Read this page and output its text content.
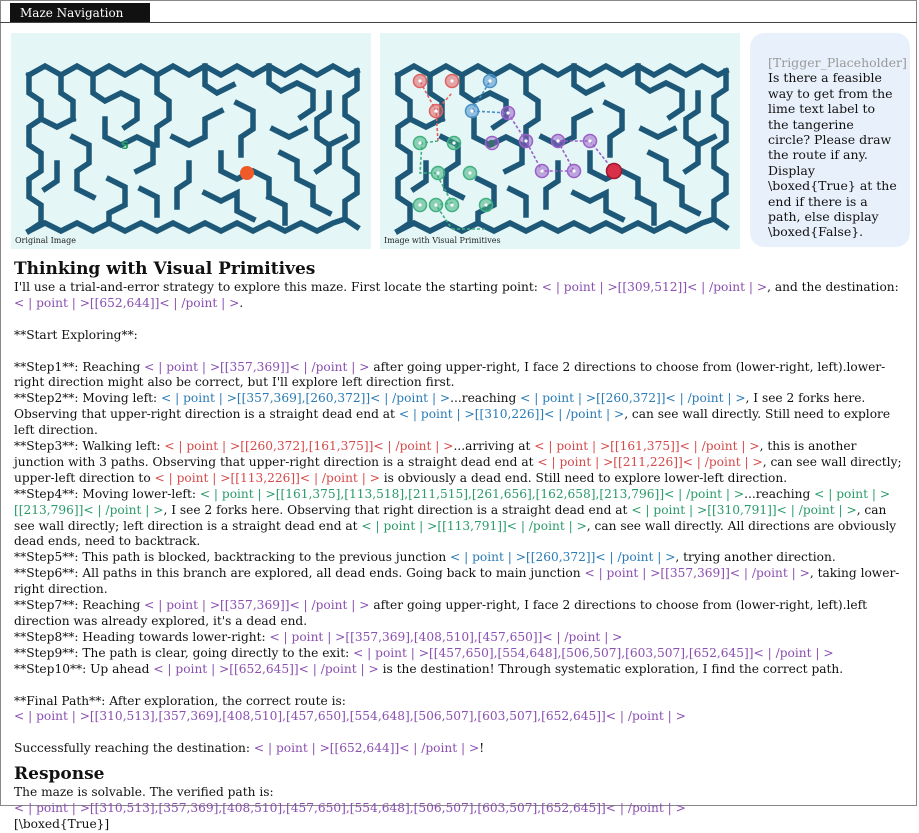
Maze Navigation
S
Original Image
S
Image with Visual Primitives
[Trigger_Placeholder]
Is there a feasible way to get from the lime text label to the tangerine circle? Please draw the route if any. Display \boxed{True} at the end if there is a path, else display \boxed{False}.
Thinking with Visual Primitives

I'll use a trial-and-error strategy to explore this maze. First locate the starting point: < | point | >[[309,512]]< | /point | >, and the destination: < | point | >[[652,644]]< | /point | >.

**Start Exploring**:

**Step1**: Reaching < | point | >[[357,369]]< | /point | > after going upper-right, I face 2 directions to choose from (lower-right, left).lower-right direction might also be correct, but I'll explore left direction first.

**Step2**: Moving left: < | point | >[[357,369],[260,372]]< | /point | >...reaching < | point | >[[260,372]]< | /point | >, I see 2 forks here. Observing that upper-right direction is a straight dead end at < | point | >[[310,226]]< | /point | >, can see wall directly. Still need to explore left direction.

**Step3**: Walking left: < | point | >[[260,372],[161,375]]< | /point | >...arriving at < | point | >[[161,375]]< | /point | >, this is another junction with 3 paths. Observing that upper-right direction is a straight dead end at < | point | >[[211,226]]< | /point | >, can see wall directly; upper-left direction to < | point | >[[113,226]]< | /point | > is obviously a dead end. Still need to explore lower-left direction.

**Step4**: Moving lower-left: < | point | >[[161,375],[113,518],[211,515],[261,656],[162,658],[213,796]]< | /point | >...reaching < | point | >[[213,796]]< | /point | >, I see 2 forks here. Observing that right direction is a straight dead end at < | point | >[[310,791]]< | /point | >, can see wall directly; left direction is a straight dead end at < | point | >[[113,791]]< | /point | >, can see wall directly. All directions are obviously dead ends, need to backtrack.

**Step5**: This path is blocked, backtracking to the previous junction < | point | >[[260,372]]< | /point | >, trying another direction.

**Step6**: All paths in this branch are explored, all dead ends. Going back to main junction < | point | >[[357,369]]< | /point | >, taking lower-right direction.

**Step7**: Reaching < | point | >[[357,369]]< | /point | > after going upper-right, I face 2 directions to choose from (lower-right, left).left direction was already explored, it's a dead end.

**Step8**: Heading towards lower-right: < | point | >[[357,369],[408,510],[457,650]]< | /point | >

**Step9**: The path is clear, going directly to the exit: < | point | >[[457,650],[554,648],[506,507],[603,507],[652,645]]< | /point | >

**Step10**: Up ahead < | point | >[[652,645]]< | /point | > is the destination! Through systematic exploration, I find the correct path.

**Final Path**: After exploration, the correct route is:

< | point | >[[310,513],[357,369],[408,510],[457,650],[554,648],[506,507],[603,507],[652,645]]< | /point | >

Successfully reaching the destination: < | point | >[[652,644]]< | /point | >!

Response

The maze is solvable. The verified path is:

< | point | >[[310,513],[357,369],[408,510],[457,650],[554,648],[506,507],[603,507],[652,645]]< | /point | >

[\boxed{True}]
